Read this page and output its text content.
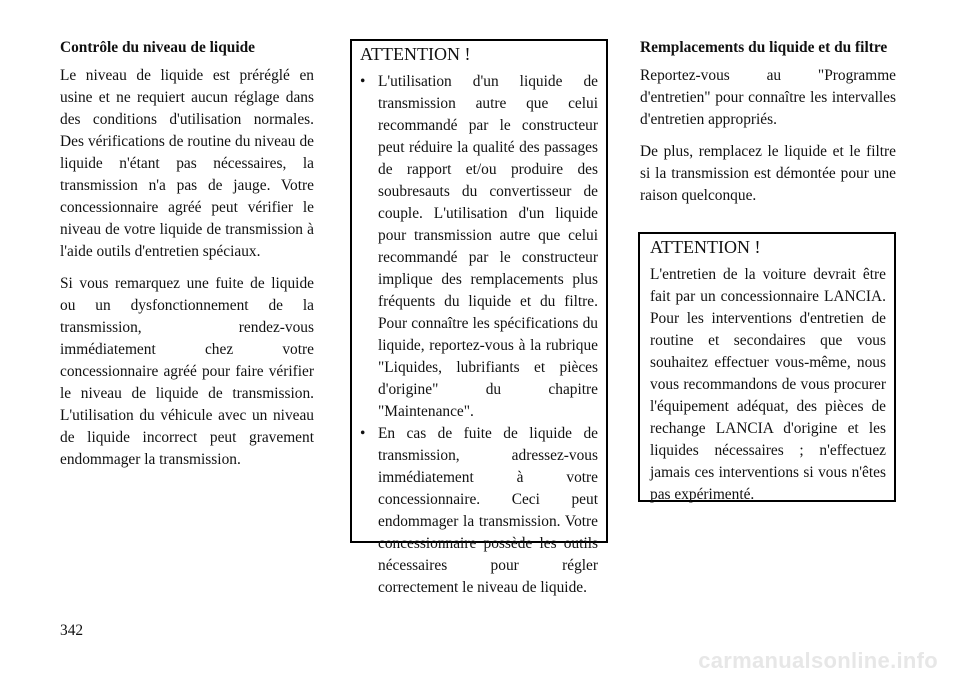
Contrôle du niveau de liquide

Le niveau de liquide est préréglé en usine et ne requiert aucun réglage dans des conditions d'utilisation normales. Des vérifications de routine du niveau de liquide n'étant pas nécessaires, la transmission n'a pas de jauge. Votre concessionnaire agréé peut vérifier le niveau de votre liquide de transmission à l'aide outils d'entretien spéciaux.

Si vous remarquez une fuite de liquide ou un dysfonctionnement de la transmission, rendez-vous immédiatement chez votre concessionnaire agréé pour faire vérifier le niveau de liquide de transmission. L'utilisation du véhicule avec un niveau de liquide incorrect peut gravement endommager la transmission.

ATTENTION !
• L'utilisation d'un liquide de transmission autre que celui recommandé par le constructeur peut réduire la qualité des passages de rapport et/ou produire des soubresauts du convertisseur de couple. L'utilisation d'un liquide pour transmission autre que celui recommandé par le constructeur implique des remplacements plus fréquents du liquide et du filtre. Pour connaître les spécifications du liquide, reportez-vous à la rubrique "Liquides, lubrifiants et pièces d'origine" du chapitre "Maintenance".
• En cas de fuite de liquide de transmission, adressez-vous immédiatement à votre concessionnaire. Ceci peut endommager la transmission. Votre concessionnaire possède les outils nécessaires pour régler correctement le niveau de liquide.
Remplacements du liquide et du filtre

Reportez-vous au "Programme d'entretien" pour connaître les intervalles d'entretien appropriés.

De plus, remplacez le liquide et le filtre si la transmission est démontée pour une raison quelconque.

ATTENTION !
L'entretien de la voiture devrait être fait par un concessionnaire LANCIA. Pour les interventions d'entretien de routine et secondaires que vous souhaitez effectuer vous-même, nous vous recommandons de vous procurer l'équipement adéquat, des pièces de rechange LANCIA d'origine et les liquides nécessaires ; n'effectuez jamais ces interventions si vous n'êtes pas expérimenté.
342
carmanualsonline.info
